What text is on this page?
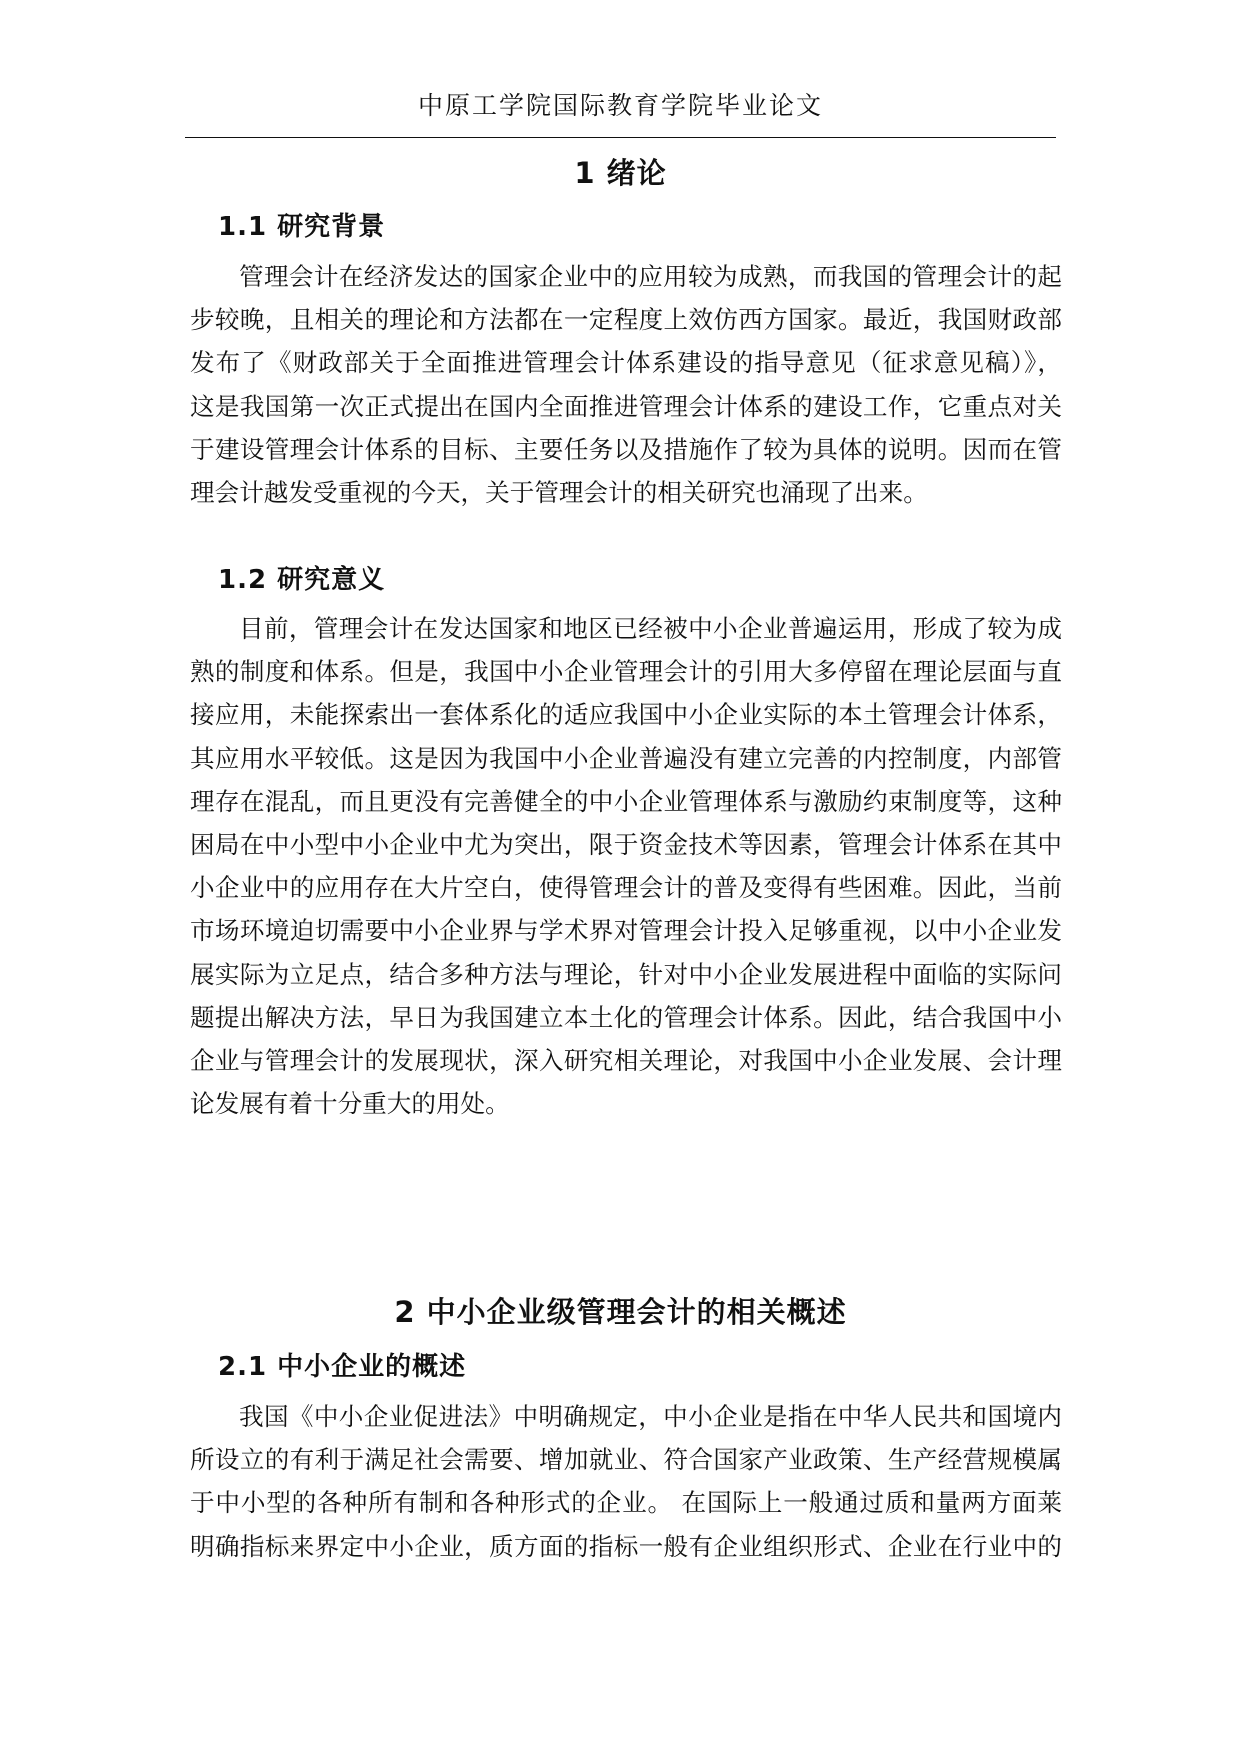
中原工学院国际教育学院毕业论文
1 绪论
1.1 研究背景
管理会计在经济发达的国家企业中的应用较为成熟，而我国的管理会计的起
步较晚，且相关的理论和方法都在一定程度上效仿西方国家。最近，我国财政部
发布了《财政部关于全面推进管理会计体系建设的指导意见（征求意见稿）》，
这是我国第一次正式提出在国内全面推进管理会计体系的建设工作，它重点对关
于建设管理会计体系的目标、主要任务以及措施作了较为具体的说明。因而在管
理会计越发受重视的今天，关于管理会计的相关研究也涌现了出来。
1.2 研究意义
目前，管理会计在发达国家和地区已经被中小企业普遍运用，形成了较为成
熟的制度和体系。但是，我国中小企业管理会计的引用大多停留在理论层面与直
接应用，未能探索出一套体系化的适应我国中小企业实际的本土管理会计体系，
其应用水平较低。这是因为我国中小企业普遍没有建立完善的内控制度，内部管
理存在混乱，而且更没有完善健全的中小企业管理体系与激励约束制度等，这种
困局在中小型中小企业中尤为突出，限于资金技术等因素，管理会计体系在其中
小企业中的应用存在大片空白，使得管理会计的普及变得有些困难。因此，当前
市场环境迫切需要中小企业界与学术界对管理会计投入足够重视，以中小企业发
展实际为立足点，结合多种方法与理论，针对中小企业发展进程中面临的实际问
题提出解决方法，早日为我国建立本土化的管理会计体系。因此，结合我国中小
企业与管理会计的发展现状，深入研究相关理论，对我国中小企业发展、会计理
论发展有着十分重大的用处。
2 中小企业级管理会计的相关概述
2.1 中小企业的概述
我国《中小企业促进法》中明确规定，中小企业是指在中华人民共和国境内
所设立的有利于满足社会需要、增加就业、符合国家产业政策、生产经营规模属
于中小型的各种所有制和各种形式的企业。 在国际上一般通过质和量两方面莱
明确指标来界定中小企业，质方面的指标一般有企业组织形式、企业在行业中的
